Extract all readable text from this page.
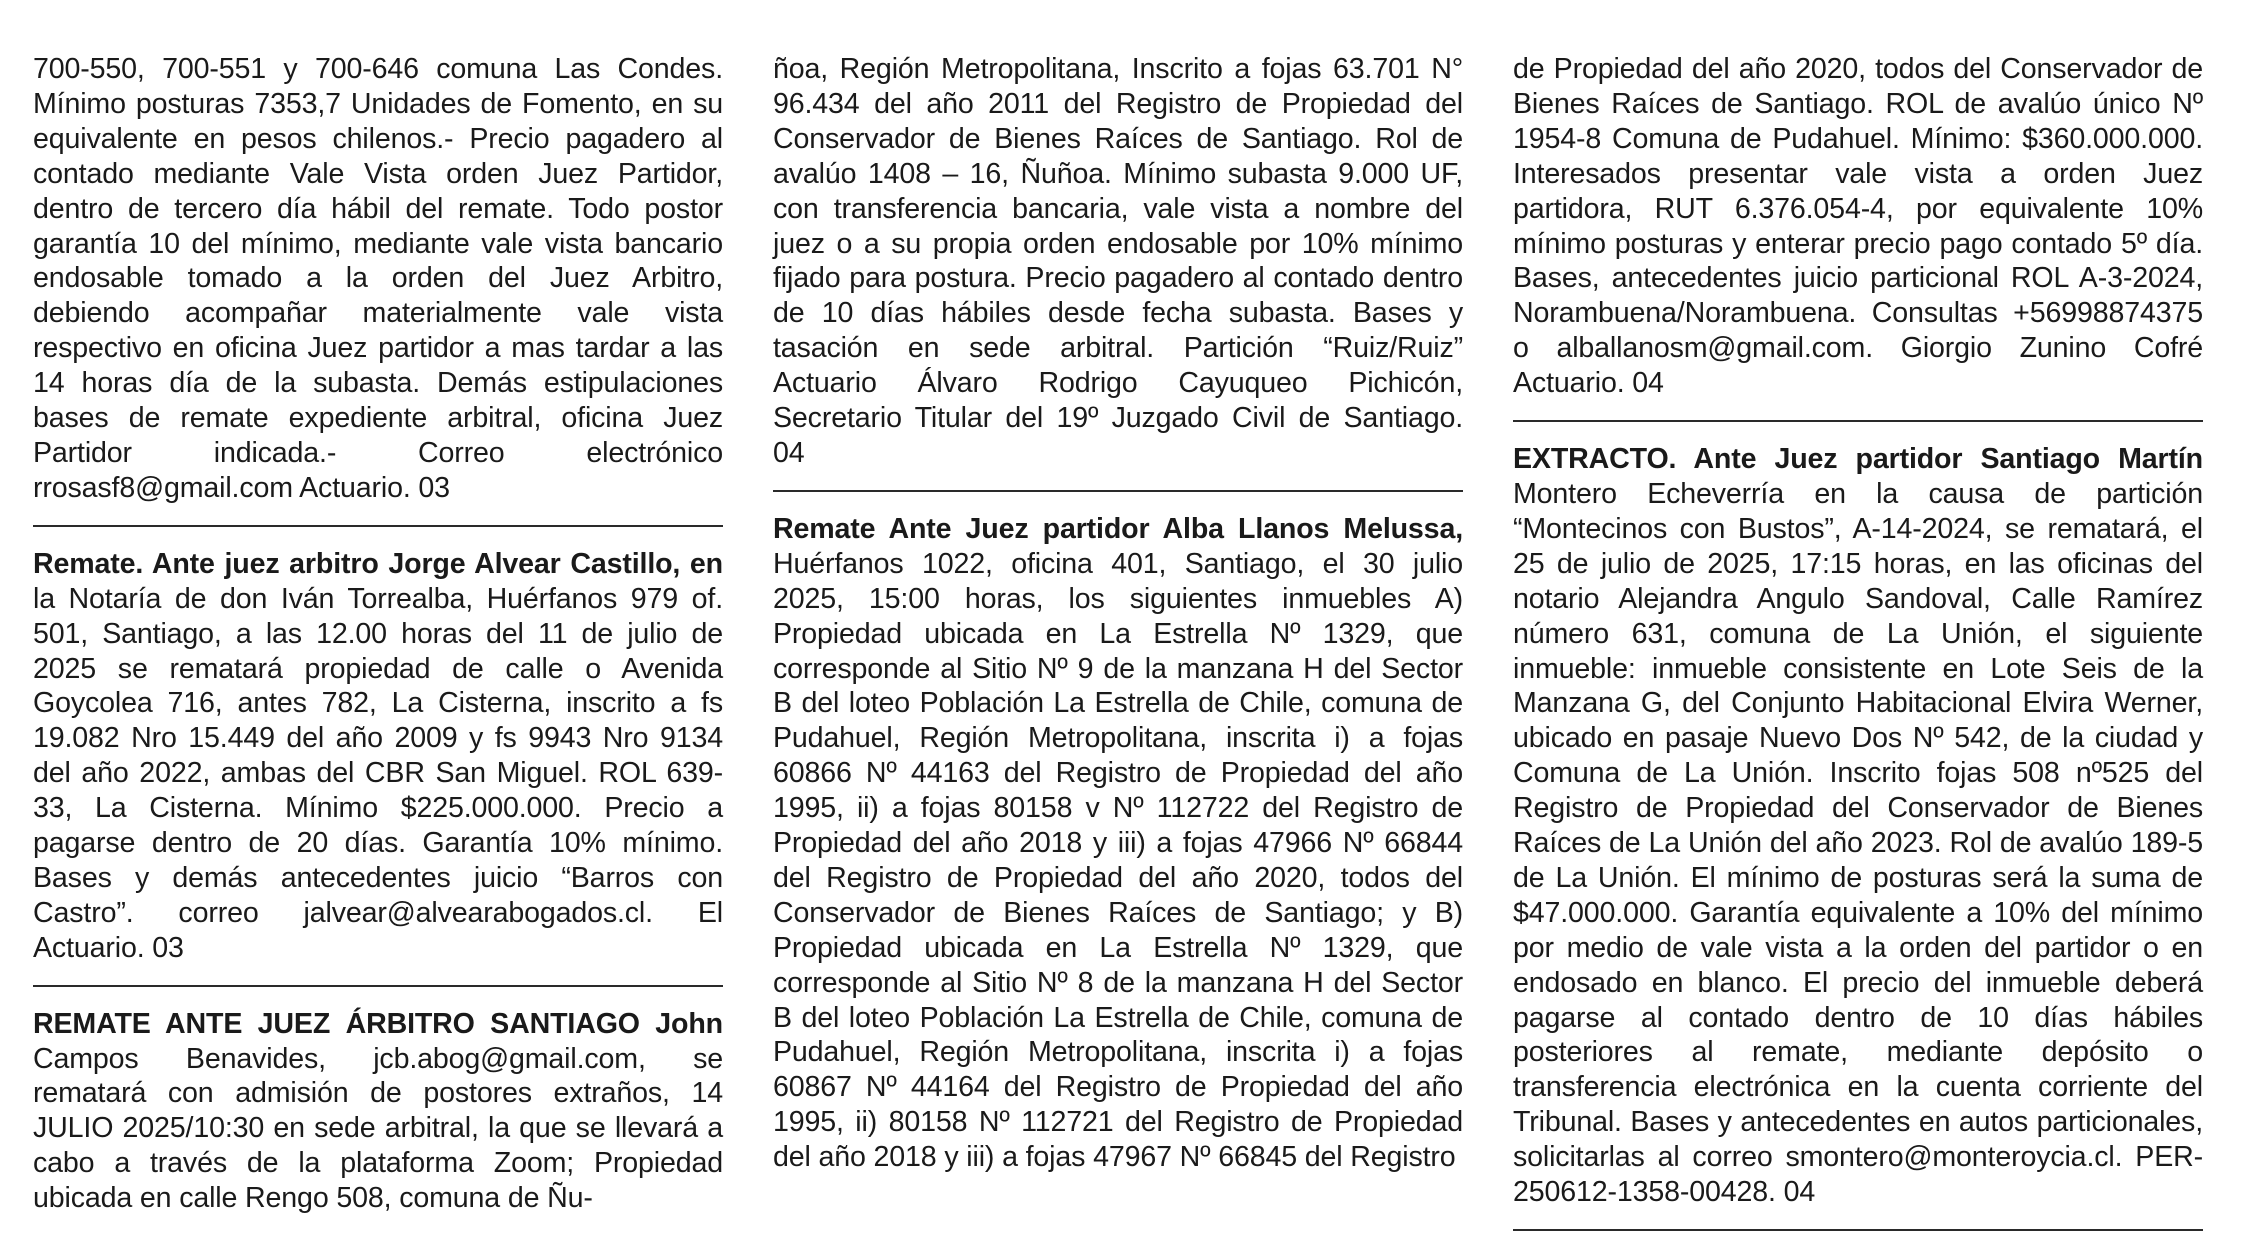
700-550, 700-551 y 700-646 comuna Las Condes. Mínimo posturas 7353,7 Unidades de Fomento, en su equivalente en pesos chilenos.- Precio pagadero al contado mediante Vale Vista orden Juez Partidor, dentro de tercero día hábil del remate. Todo postor garantía 10 del mínimo, mediante vale vista bancario endosable tomado a la orden del Juez Arbitro, debiendo acompañar materialmente vale vista respectivo en oficina Juez partidor a mas tardar a las 14 horas día de la subasta. Demás estipulaciones bases de remate expediente arbitral, oficina Juez Partidor indicada.- Correo electrónico rrosasf8@gmail.com Actuario. 03

Remate. Ante juez arbitro Jorge Alvear Castillo, en la Notaría de don Iván Torrealba, Huérfanos 979 of. 501, Santiago, a las 12.00 horas del 11 de julio de 2025 se rematará propiedad de calle o Avenida Goycolea 716, antes 782, La Cisterna, inscrito a fs 19.082 Nro 15.449 del año 2009 y fs 9943 Nro 9134 del año 2022, ambas del CBR San Miguel. ROL 639-33, La Cisterna. Mínimo $225.000.000. Precio a pagarse dentro de 20 días. Garantía 10% mínimo. Bases y demás antecedentes juicio “Barros con Castro”. correo jalvear@alvearabogados.cl. El Actuario. 03

REMATE ANTE JUEZ ÁRBITRO SANTIAGO John Campos Benavides, jcb.abog@gmail.com, se rematará con admisión de postores extraños, 14 JULIO 2025/10:30 en sede arbitral, la que se llevará a cabo a través de la plataforma Zoom; Propiedad ubicada en calle Rengo 508, comuna de Ñu-

ñoa, Región Metropolitana, Inscrito a fojas 63.701 N° 96.434 del año 2011 del Registro de Propiedad del Conservador de Bienes Raíces de Santiago. Rol de avalúo 1408 – 16, Ñuñoa. Mínimo subasta 9.000 UF, con transferencia bancaria, vale vista a nombre del juez o a su propia orden endosable por 10% mínimo fijado para postura. Precio pagadero al contado dentro de 10 días hábiles desde fecha subasta. Bases y tasación en sede arbitral. Partición “Ruiz/Ruiz” Actuario Álvaro Rodrigo Cayuqueo Pichicón, Secretario Titular del 19º Juzgado Civil de Santiago. 04

Remate Ante Juez partidor Alba Llanos Melussa, Huérfanos 1022, oficina 401, Santiago, el 30 julio 2025, 15:00 horas, los siguientes inmuebles A) Propiedad ubicada en La Estrella Nº 1329, que corresponde al Sitio Nº 9 de la manzana H del Sector B del loteo Población La Estrella de Chile, comuna de Pudahuel, Región Metropolitana, inscrita i) a fojas 60866 Nº 44163 del Registro de Propiedad del año 1995, ii) a fojas 80158 v Nº 112722 del Registro de Propiedad del año 2018 y iii) a fojas 47966 Nº 66844 del Registro de Propiedad del año 2020, todos del Conservador de Bienes Raíces de Santiago; y B) Propiedad ubicada en La Estrella Nº 1329, que corresponde al Sitio Nº 8 de la manzana H del Sector B del loteo Población La Estrella de Chile, comuna de Pudahuel, Región Metropolitana, inscrita i) a fojas 60867 Nº 44164 del Registro de Propiedad del año 1995, ii) 80158 Nº 112721 del Registro de Propiedad del año 2018 y iii) a fojas 47967 Nº 66845 del Registro

de Propiedad del año 2020, todos del Conservador de Bienes Raíces de Santiago. ROL de avalúo único Nº 1954-8 Comuna de Pudahuel. Mínimo: $360.000.000. Interesados presentar vale vista a orden Juez partidora, RUT 6.376.054-4, por equivalente 10% mínimo posturas y enterar precio pago contado 5º día. Bases, antecedentes juicio particional ROL A-3-2024, Norambuena/Norambuena. Consultas +56998874375 o alballanosm@gmail.com. Giorgio Zunino Cofré Actuario. 04

EXTRACTO. Ante Juez partidor Santiago Martín Montero Echeverría en la causa de partición “Montecinos con Bustos”, A-14-2024, se rematará, el 25 de julio de 2025, 17:15 horas, en las oficinas del notario Alejandra Angulo Sandoval, Calle Ramírez número 631, comuna de La Unión, el siguiente inmueble: inmueble consistente en Lote Seis de la Manzana G, del Conjunto Habitacional Elvira Werner, ubicado en pasaje Nuevo Dos Nº 542, de la ciudad y Comuna de La Unión. Inscrito fojas 508 nº525 del Registro de Propiedad del Conservador de Bienes Raíces de La Unión del año 2023. Rol de avalúo 189-5 de La Unión. El mínimo de posturas será la suma de $47.000.000. Garantía equivalente a 10% del mínimo por medio de vale vista a la orden del partidor o en endosado en blanco. El precio del inmueble deberá pagarse al contado dentro de 10 días hábiles posteriores al remate, mediante depósito o transferencia electrónica en la cuenta corriente del Tribunal. Bases y antecedentes en autos particionales, solicitarlas al correo smontero@monteroycia.cl. PER-250612-1358-00428. 04
